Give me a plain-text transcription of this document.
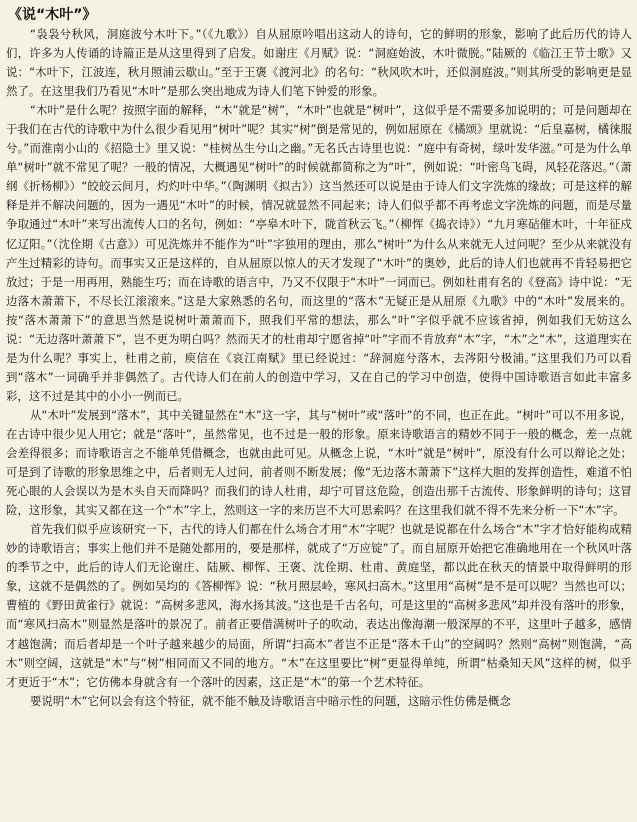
《说“木叶”》

“袅袅兮秋风，洞庭波兮木叶下。”（《九歌》）自从屈原吟唱出这动人的诗句，它的鲜明的形象，影响了此后历代的诗人们，许多为人传诵的诗篇正是从这里得到了启发。如谢庄《月赋》说：“洞庭始波，木叶微脱。”陆厥的《临江王节士歌》又说：“木叶下，江波连，秋月照浦云歇山。”至于王褒《渡河北》的名句：“秋风吹木叶，还似洞庭波。”则其所受的影响更是显然了。在这里我们乃看见“木叶”是那么突出地成为诗人们笔下钟爱的形象。

“木叶”是什么呢？按照字面的解释，“木”就是“树”，“木叶”也就是“树叶”，这似乎是不需要多加说明的；可是问题却在于我们在古代的诗歌中为什么很少看见用“树叶”呢？其实“树”倒是常见的，例如屈原在《橘颂》里就说：“后皇嘉树，橘徕服兮。”而淮南小山的《招隐士》里又说：“桂树丛生兮山之幽。”无名氏古诗里也说：“庭中有奇树，绿叶发华滋。”可是为什么单单“树叶”就不常见了呢？一般的情况，大概遇见“树叶”的时候就都简称之为“叶”，例如说：“叶密鸟飞碍，风轻花落迟。”（萧纲《折杨柳》）“皎皎云间月，灼灼叶中华。”（陶渊明《拟古》）这当然还可以说是由于诗人们文字洗炼的缘故；可是这样的解释是并不解决问题的，因为一遇见“木叶”的时候，情况就显然不同起来；诗人们似乎都不再考虑文字洗炼的问题，而是尽量争取通过“木叶”来写出流传人口的名句，例如：“亭皋木叶下，陇首秋云飞。”（柳恽《捣衣诗》）“九月寒砧催木叶，十年征戍忆辽阳。”（沈佺期《古意》）可见洗炼并不能作为“叶”字独用的理由，那么“树叶”为什么从来就无人过问呢？至少从来就没有产生过精彩的诗句。而事实又正是这样的，自从屈原以惊人的天才发现了“木叶”的奥妙，此后的诗人们也就再不肯轻易把它放过；于是一用再用，熟能生巧；而在诗歌的语言中，乃又不仅限于“木叶”一词而已。例如杜甫有名的《登高》诗中说：“无边落木萧萧下，不尽长江滚滚来。”这是大家熟悉的名句，而这里的“落木”无疑正是从屈原《九歌》中的“木叶”发展来的。按“落木萧萧下”的意思当然是说树叶萧萧而下，照我们平常的想法，那么“叶”字似乎就不应该省掉，例如我们无妨这么说：“无边落叶萧萧下”，岂不更为明白吗？然而天才的杜甫却宁愿省掉“叶”字而不肯放弃“木”字，“木”之“木”，这道理实在是为什么呢？事实上，杜甫之前，庾信在《哀江南赋》里已经说过：“辞洞庭兮落木，去涔阳兮极浦。”这里我们乃可以看到“落木”一词确乎并非偶然了。古代诗人们在前人的创造中学习，又在自己的学习中创造，使得中国诗歌语言如此丰富多彩，这不过是其中的小小一例而已。

从“木叶”发展到“落木”，其中关键显然在“木”这一字，其与“树叶”或“落叶”的不同，也正在此。“树叶”可以不用多说，在古诗中很少见人用它；就是“落叶”，虽然常见，也不过是一般的形象。原来诗歌语言的精妙不同于一般的概念，差一点就会差得很多；而诗歌语言之不能单凭借概念，也就由此可见。从概念上说，“木叶”就是“树叶”，原没有什么可以辩论之处；可是到了诗歌的形象思维之中，后者则无人过问，前者则不断发展；像“无边落木萧萧下”这样大胆的发挥创造性，难道不怕死心眼的人会误以为是木头自天而降吗？而我们的诗人杜甫，却宁可冒这危险，创造出那千古流传、形象鲜明的诗句；这冒险，这形象，其实又都在这一个“木”字上，然则这一字的来历岂不大可思索吗？在这里我们就不得不先来分析一下“木”字。

首先我们似乎应该研究一下，古代的诗人们都在什么场合才用“木”字呢？也就是说都在什么场合“木”字才恰好能构成精妙的诗歌语言；事实上他们并不是随处都用的，要是那样，就成了“万应锭”了。而自屈原开始把它准确地用在一个秋风叶落的季节之中，此后的诗人们无论谢庄、陆厥、柳恽、王褒、沈佺期、杜甫、黄庭坚，都以此在秋天的情景中取得鲜明的形象，这就不是偶然的了。例如吴均的《答柳恽》说：“秋月照层岭，寒风扫高木。”这里用“高树”是不是可以呢？当然也可以；曹植的《野田黄雀行》就说：“高树多悲风，海水扬其波。”这也是千古名句，可是这里的“高树多悲风”却并没有落叶的形象，而“寒风扫高木”则显然是落叶的景况了。前者正要借满树叶子的吹动，表达出像海潮一般深厚的不平，这里叶子越多，感情才越饱满；而后者却是一个叶子越来越少的局面，所谓“扫高木”者岂不正是“落木千山”的空阔吗？然则“高树”则饱满，“高木”则空阔，这就是“木”与“树”相同而又不同的地方。“木”在这里要比“树”更显得单纯，所谓“枯桑知天风”这样的树，似乎才更近于“木”；它仿佛本身就含有一个落叶的因素，这正是“木”的第一个艺术特征。

要说明“木”它何以会有这个特征，就不能不触及诗歌语言中暗示性的问题，这暗示性仿佛是概念
